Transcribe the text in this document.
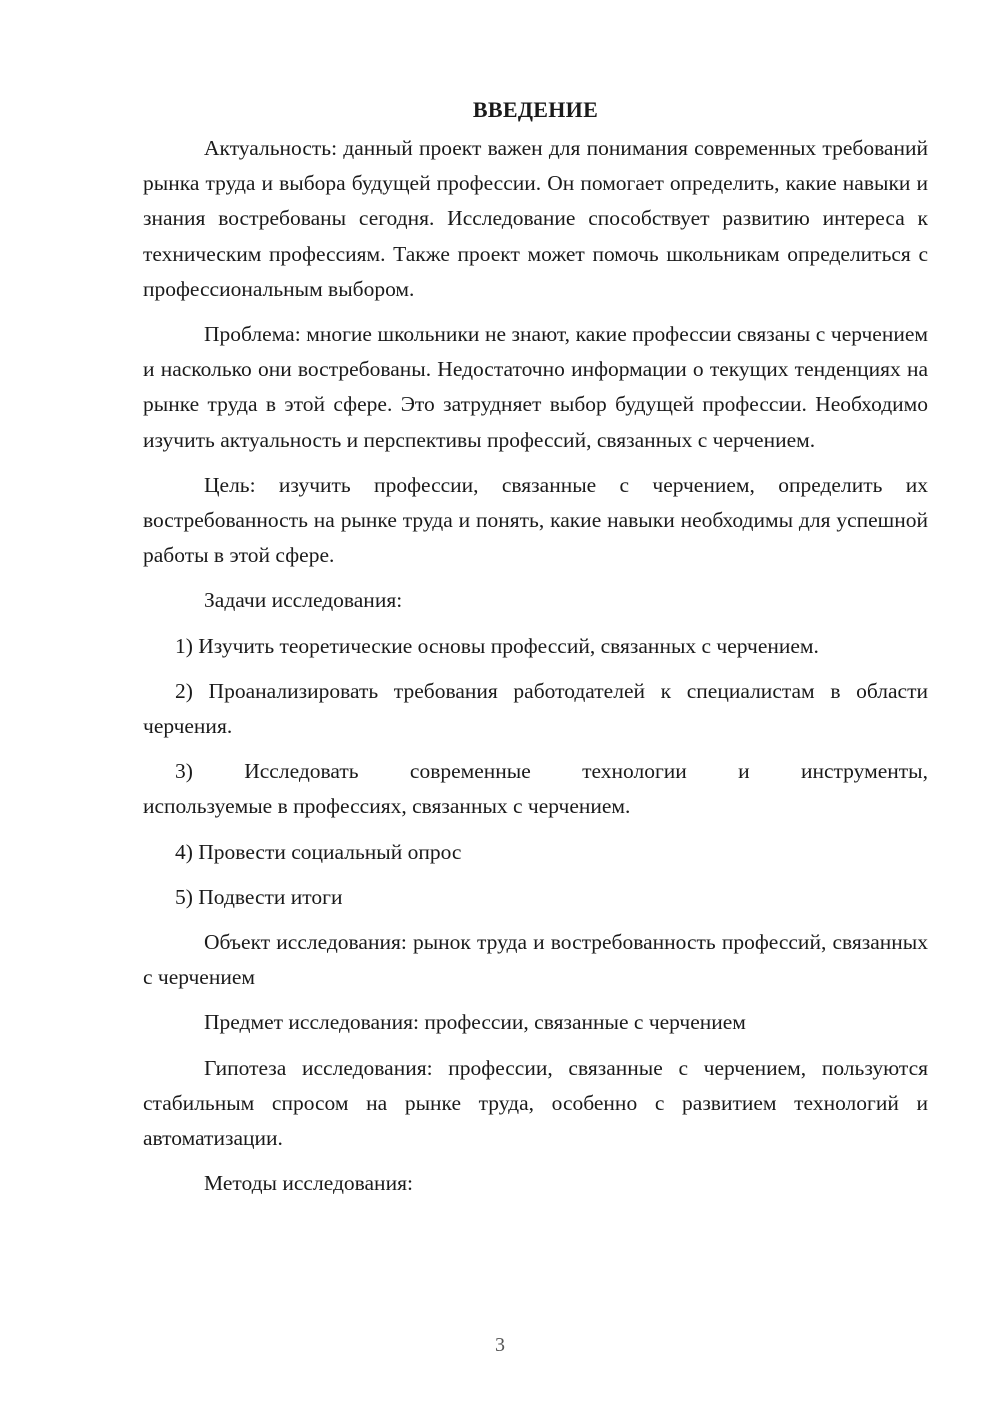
ВВЕДЕНИЕ

Актуальность: данный проект важен для понимания современных требований рынка труда и выбора будущей профессии. Он помогает определить, какие навыки и знания востребованы сегодня. Исследование способствует развитию интереса к техническим профессиям. Также проект может помочь школьникам определиться с профессиональным выбором.

Проблема: многие школьники не знают, какие профессии связаны с черчением и насколько они востребованы. Недостаточно информации о текущих тенденциях на рынке труда в этой сфере. Это затрудняет выбор будущей профессии. Необходимо изучить актуальность и перспективы профессий, связанных с черчением.

Цель: изучить профессии, связанные с черчением, определить их востребованность на рынке труда и понять, какие навыки необходимы для успешной работы в этой сфере.

Задачи исследования:

1) Изучить теоретические основы профессий, связанных с черчением.

2) Проанализировать требования работодателей к специалистам в области черчения.

3) Исследовать современные технологии и инструменты,
используемые в профессиях, связанных с черчением.

4) Провести социальный опрос

5) Подвести итоги

Объект исследования: рынок труда и востребованность профессий, связанных с черчением

Предмет исследования: профессии, связанные с черчением

Гипотеза исследования: профессии, связанные с черчением, пользуются стабильным спросом на рынке труда, особенно с развитием технологий и автоматизации.

Методы исследования:

3
